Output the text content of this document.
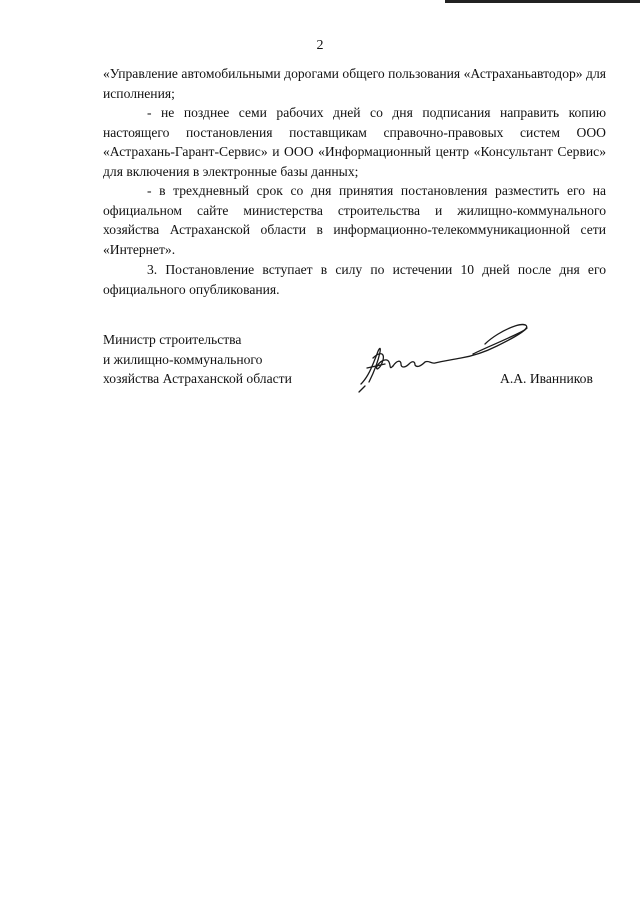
2

«Управление автомобильными дорогами общего пользования «Астраханьавтодор» для исполнения;

- не позднее семи рабочих дней со дня подписания направить копию настоящего постановления поставщикам справочно-правовых систем ООО «Астрахань-Гарант-Сервис» и ООО «Информационный центр «Консультант Сервис» для включения в электронные базы данных;

- в трехдневный срок со дня принятия постановления разместить его на официальном сайте министерства строительства и жилищно-коммунального хозяйства Астраханской области в информационно-телекоммуникационной сети «Интернет».

3. Постановление вступает в силу по истечении 10 дней после дня его официального опубликования.

Министр строительства
и жилищно-коммунального
хозяйства Астраханской области	А.А. Иванников
